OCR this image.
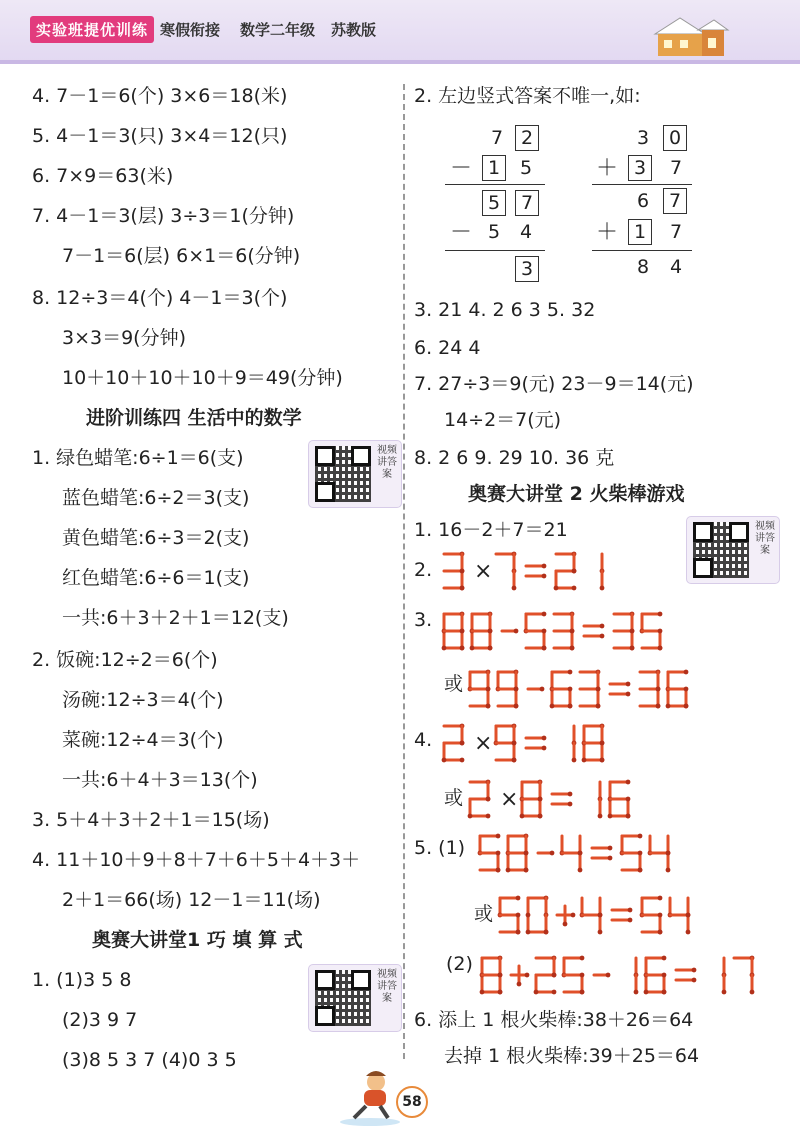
实验班提优训练 寒假衔接 数学二年级 苏教版
4. 7－1＝6(个) 3×6＝18(米)
5. 4－1＝3(只) 3×4＝12(只)
6. 7×9＝63(米)
7. 4－1＝3(层) 3÷3＝1(分钟)
7－1＝6(层) 6×1＝6(分钟)
8. 12÷3＝4(个) 4－1＝3(个)
3×3＝9(分钟)
10＋10＋10＋10＋9＝49(分钟)
进阶训练四 生活中的数学
1. 绿色蜡笔:6÷1＝6(支)
蓝色蜡笔:6÷2＝3(支)
黄色蜡笔:6÷3＝2(支)
红色蜡笔:6÷6＝1(支)
一共:6＋3＋2＋1＝12(支)
2. 饭碗:12÷2＝6(个)
汤碗:12÷3＝4(个)
菜碗:12÷4＝3(个)
一共:6＋4＋3＝13(个)
3. 5＋4＋3＋2＋1＝15(场)
4. 11＋10＋9＋8＋7＋6＋5＋4＋3＋
2＋1＝66(场) 12－1＝11(场)
奥赛大讲堂1 巧 填 算 式
1. (1)3 5 8
(2)3 9 7
(3)8 5 3 7 (4)0 3 5
视频讲答案
视频讲答案
2. 左边竖式答案不唯一,如:
7 2
－ 1	5
5	7
－ 5 4
3
3	0
＋ 3	7
6	7
＋ 1	7
8 4
3. 21 4. 2 6 3 5. 32
6. 24 4
7. 27÷3＝9(元) 23－9＝14(元)
14÷2＝7(元)
8. 2 6 9. 29 10. 36 克
奥赛大讲堂 2 火柴棒游戏
1. 16－2＋7＝21	视频讲答案
2. ×
3.
或
4. ×
或 ×
5. (1)
或
(2)
6. 添上 1 根火柴棒:38＋26＝64
去掉 1 根火柴棒:39＋25＝64
58
